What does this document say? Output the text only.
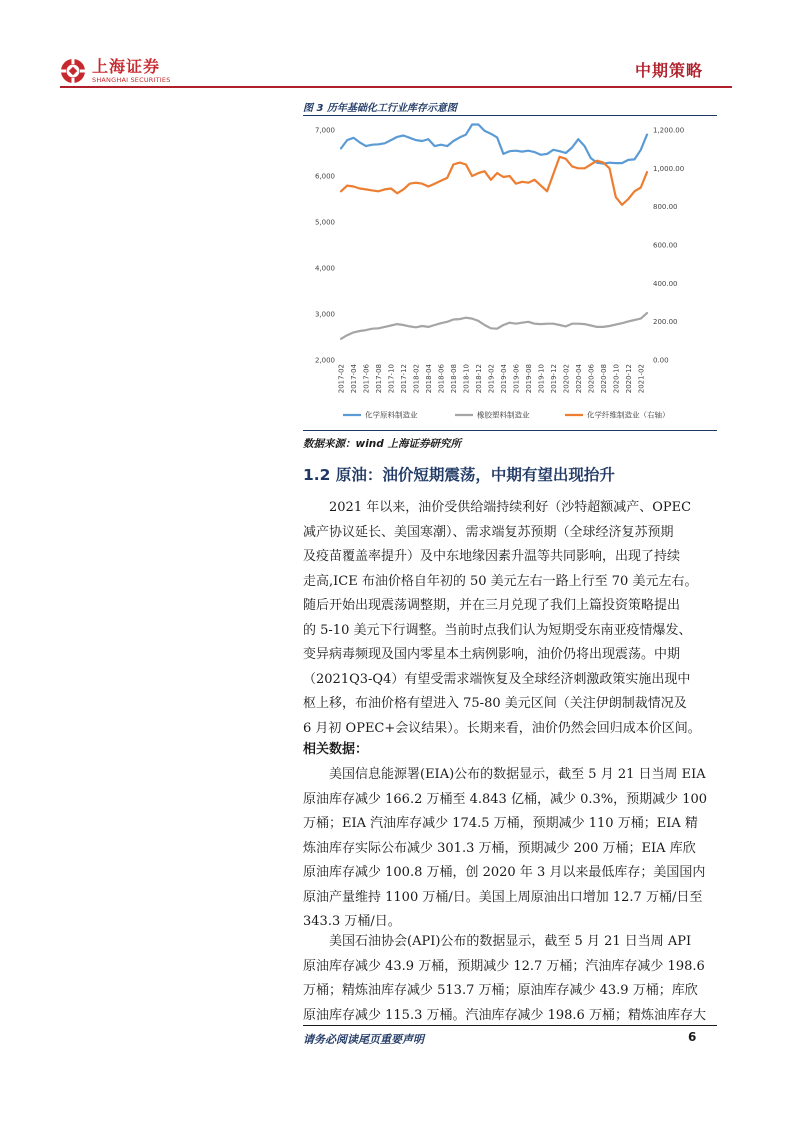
上海证券
SHANGHAI SECURITIES	中期策略
图 3 历年基础化工行业库存示意图
2,000
3,000
4,000
5,000
6,000
7,000
0.00
200.00
400.00
600.00
800.00
1,000.00
1,200.00
2017-02 2017-04 2017-06 2017-08 2017-10 2017-12 2018-02 2018-04 2018-06 2018-08 2018-10 2018-12 2019-02 2019-04 2019-06 2019-08 2019-10 2019-12 2020-02 2020-04 2020-06 2020-08 2020-10 2020-12 2021-02
化学原料制造业	橡胶塑料制造业	化学纤维制造业（右轴）
数据来源：wind 上海证券研究所
1.2 原油：油价短期震荡，中期有望出现抬升
2021 年以来，油价受供给端持续利好（沙特超额减产、OPEC
减产协议延长、美国寒潮）、需求端复苏预期（全球经济复苏预期
及疫苗覆盖率提升）及中东地缘因素升温等共同影响，出现了持续
走高,ICE 布油价格自年初的 50 美元左右一路上行至 70 美元左右。
随后开始出现震荡调整期，并在三月兑现了我们上篇投资策略提出
的 5-10 美元下行调整。当前时点我们认为短期受东南亚疫情爆发、
变异病毒频现及国内零星本土病例影响，油价仍将出现震荡。中期
（2021Q3-Q4）有望受需求端恢复及全球经济刺激政策实施出现中
枢上移，布油价格有望进入 75-80 美元区间（关注伊朗制裁情况及
6 月初 OPEC+会议结果）。长期来看，油价仍然会回归成本价区间。
相关数据：
美国信息能源署(EIA)公布的数据显示，截至 5 月 21 日当周 EIA
原油库存减少 166.2 万桶至 4.843 亿桶，减少 0.3%，预期减少 100
万桶；EIA 汽油库存减少 174.5 万桶，预期减少 110 万桶；EIA 精
炼油库存实际公布减少 301.3 万桶，预期减少 200 万桶；EIA 库欣
原油库存减少 100.8 万桶，创 2020 年 3 月以来最低库存；美国国内
原油产量维持 1100 万桶/日。美国上周原油出口增加 12.7 万桶/日至
343.3 万桶/日。
美国石油协会(API)公布的数据显示，截至 5 月 21 日当周 API
原油库存减少 43.9 万桶，预期减少 12.7 万桶；汽油库存减少 198.6
万桶；精炼油库存减少 513.7 万桶；原油库存减少 43.9 万桶；库欣
原油库存减少 115.3 万桶。汽油库存减少 198.6 万桶；精炼油库存大
请务必阅读尾页重要声明	6
